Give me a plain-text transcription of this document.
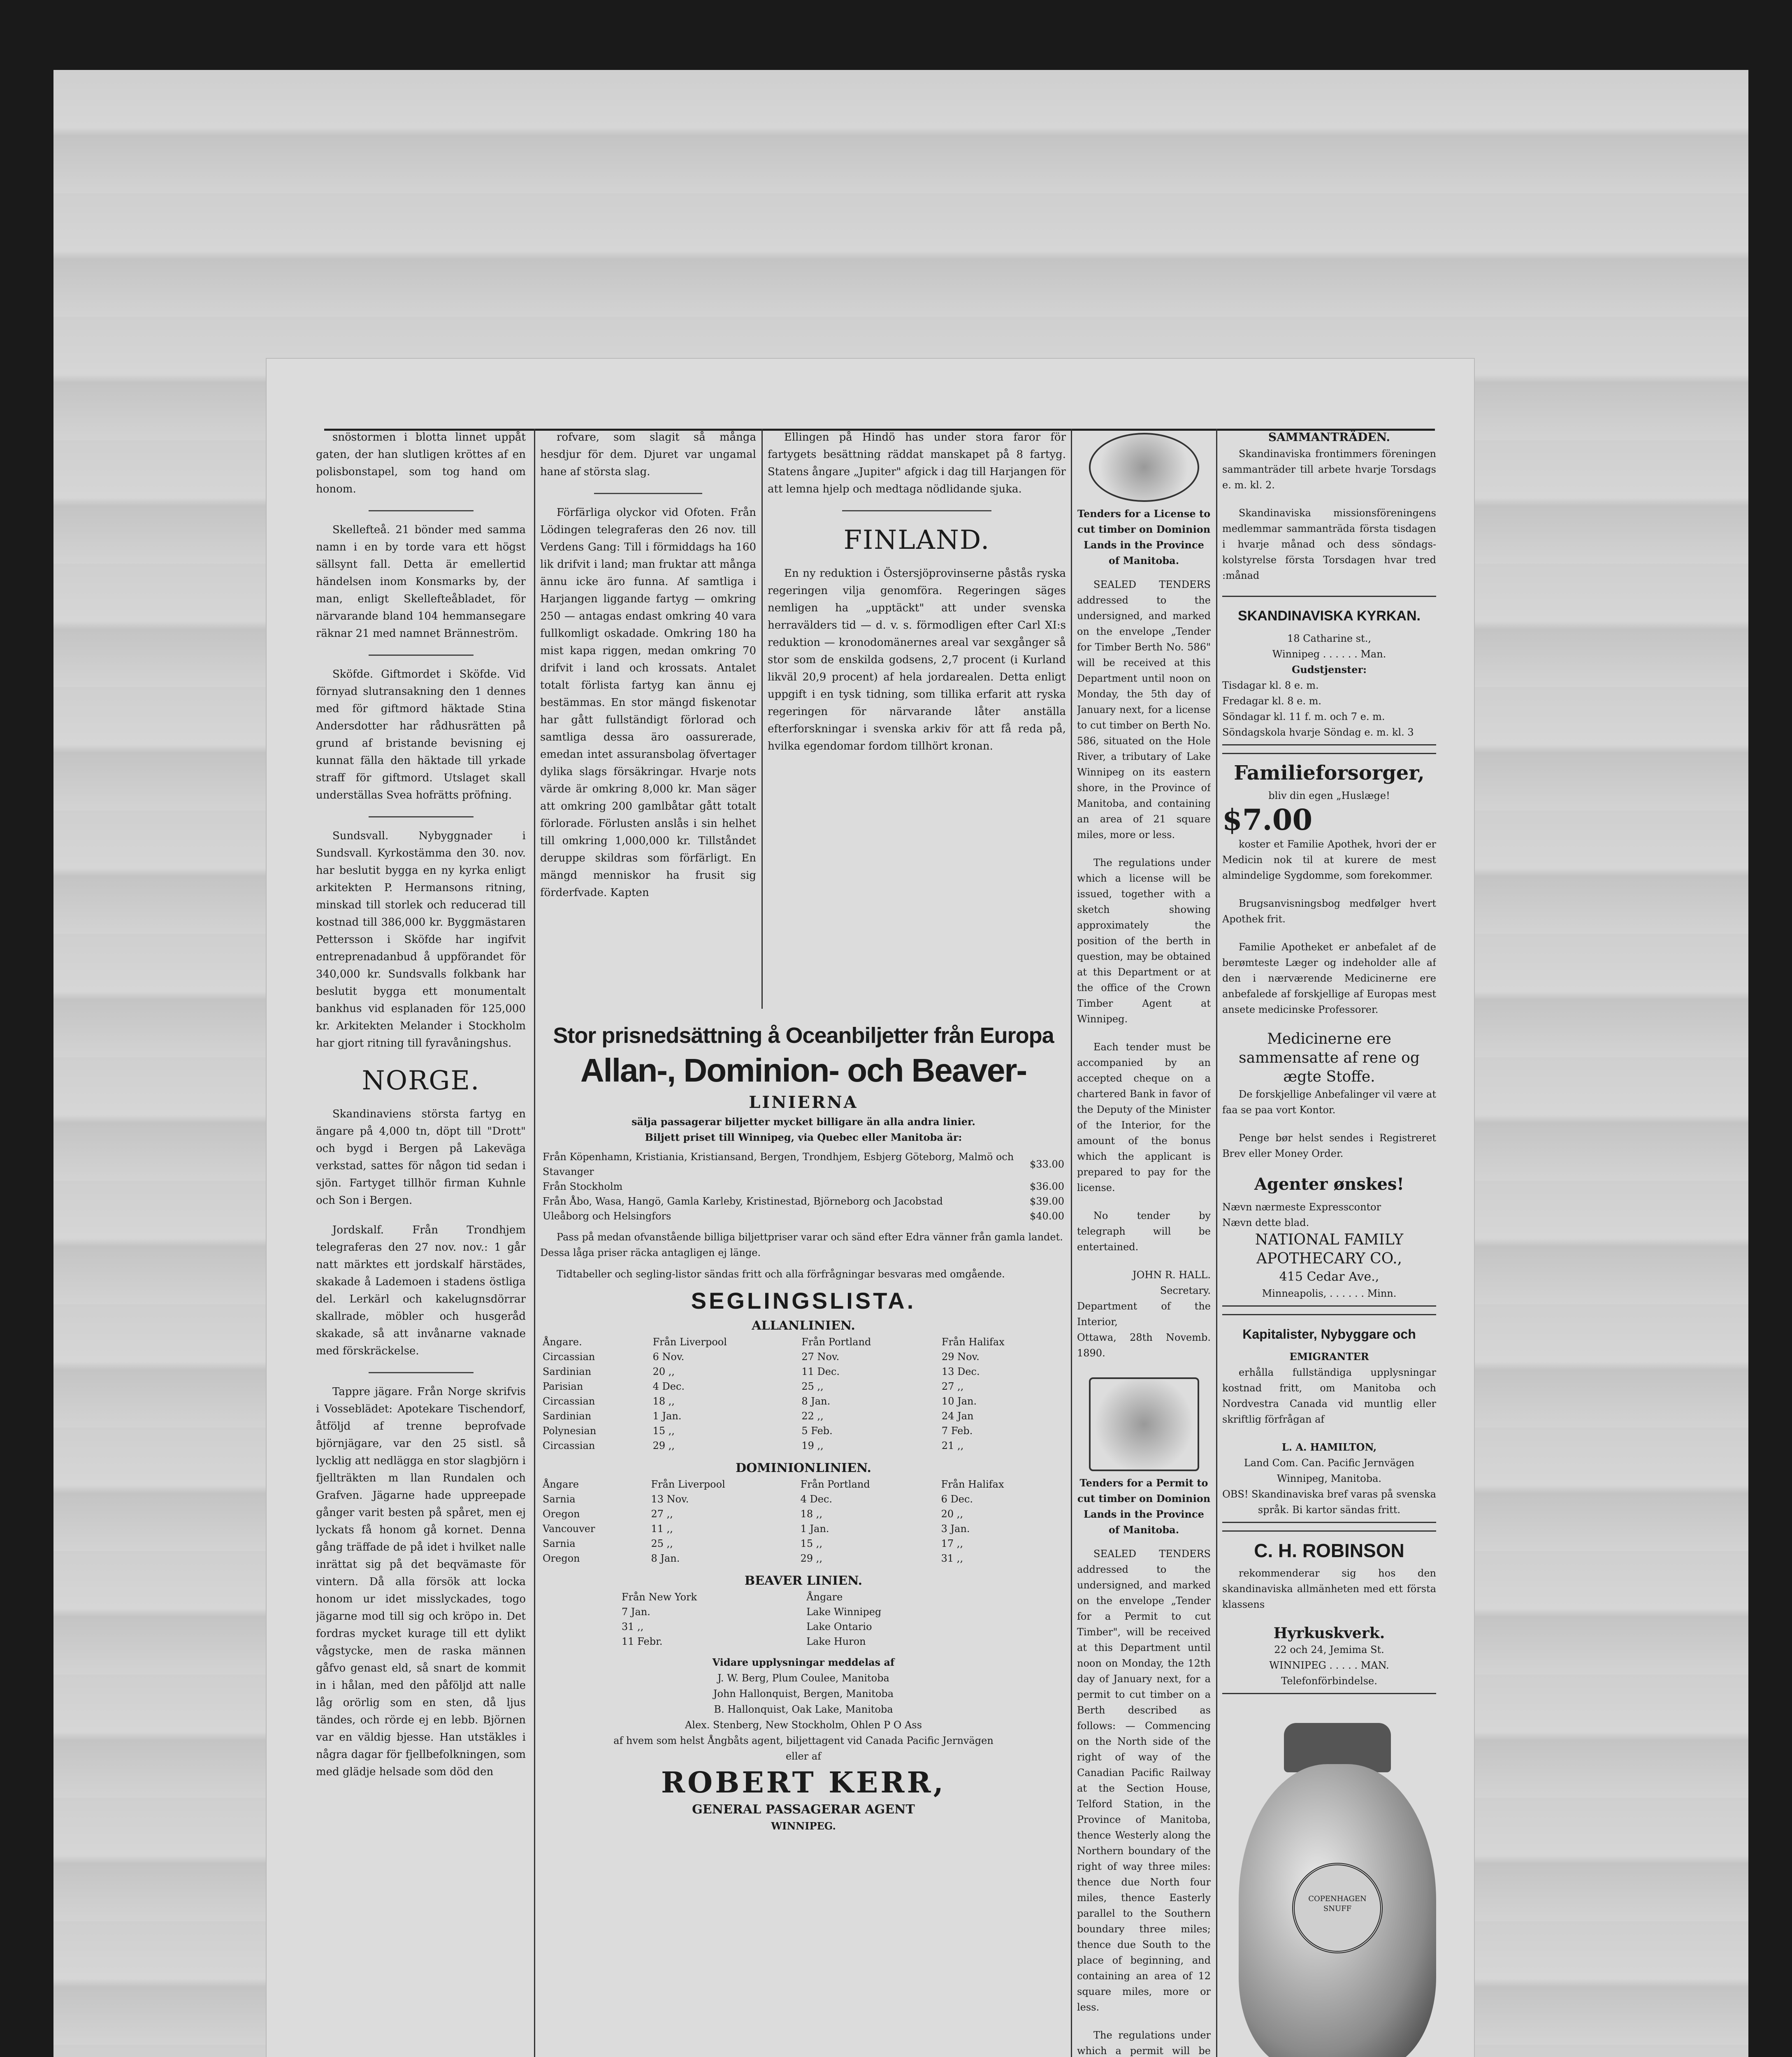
snöstormen i blotta linnet uppåt gaten, der han slutligen kröttes af en polisbonstapel, som tog hand om honom.

Skellefteå. 21 bönder med samma namn i en by torde vara ett högst sällsynt fall. Detta är emellertid händelsen inom Konsmarks by, der man, enligt Skellefteåbladet, för närvarande bland 104 hemmansegare räknar 21 med namnet Bränneström.

Sköfde. Giftmordet i Sköfde. Vid förnyad slutransakning den 1 dennes med för giftmord häktade Stina Andersdotter har rådhusrätten på grund af bristande bevisning ej kunnat fälla den häktade till yrkade straff för giftmord. Utslaget skall underställas Svea hofrätts pröfning.

Sundsvall. Nybyggnader i Sundsvall. Kyrkostämma den 30. nov. har beslutit bygga en ny kyrka enligt arkitekten P. Hermansons ritning, minskad till storlek och reducerad till kostnad till 386,000 kr. Byggmästaren Pettersson i Sköfde har ingifvit entreprenadanbud å uppförandet för 340,000 kr. Sundsvalls folkbank har beslutit bygga ett monumentalt bankhus vid esplanaden för 125,000 kr. Arkitekten Melander i Stockholm har gjort ritning till fyravåningshus.

NORGE.

Skandinaviens största fartyg en ängare på 4,000 tn, döpt till "Drott" och bygd i Bergen på Lakeväga verkstad, sattes för någon tid sedan i sjön. Fartyget tillhör firman Kuhnle och Son i Bergen.

Jordskalf. Från Trondhjem telegraferas den 27 nov. nov.: 1 går natt märktes ett jordskalf härstädes, skakade å Lademoen i stadens östliga del. Lerkärl och kakelugnsdörrar skallrade, möbler och husgeråd skakade, så att invånarne vaknade med förskräckelse.

Tappre jägare. Från Norge skrifvis i Vosseblädet: Apotekare Tischendorf, åtföljd af trenne beprofvade björnjägare, var den 25 sistl. så lycklig att nedlägga en stor slagbjörn i fjellträkten m llan Rundalen och Grafven. Jägarne hade uppreepade gånger varit besten på spåret, men ej lyckats få honom gå kornet. Denna gång träffade de på idet i hvilket nalle inrättat sig på det beqvämaste för vintern. Då alla försök att locka honom ur idet misslyckades, togo jägarne mod till sig och kröpo in. Det fordras mycket kurage till ett dylikt vågstycke, men de raska männen gåfvo genast eld, så snart de kommit in i hålan, med den påföljd att nalle låg orörlig som en sten, då ljus tändes, och rörde ej en lebb. Björnen var en väldig bjesse. Han utstäkles i några dagar för fjellbefolkningen, som med glädje helsade som död den

rofvare, som slagit så många hesdjur för dem. Djuret var ungamal hane af största slag.

Förfärliga olyckor vid Ofoten. Från Lödingen telegraferas den 26 nov. till Verdens Gang: Till i förmiddags ha 160 lik drifvit i land; man fruktar att många ännu icke äro funna. Af samtliga i Harjangen liggande fartyg — omkring 250 — antagas endast omkring 40 vara fullkomligt oskadade. Omkring 180 ha mist kapa riggen, medan omkring 70 drifvit i land och krossats. Antalet totalt förlista fartyg kan ännu ej bestämmas. En stor mängd fiskenotar har gått fullständigt förlorad och samtliga dessa äro oassurerade, emedan intet assuransbolag öfvertager dylika slags försäkringar. Hvarje nots värde är omkring 8,000 kr. Man säger att omkring 200 gamlbåtar gått totalt förlorade. Förlusten anslås i sin helhet till omkring 1,000,000 kr. Tillståndet deruppe skildras som förfärligt. En mängd menniskor ha frusit sig förderfvade. Kapten

Ellingen på Hindö has under stora faror för fartygets besättning räddat manskapet på 8 fartyg. Statens ångare „Jupiter" afgick i dag till Harjangen för att lemna hjelp och medtaga nödlidande sjuka.

FINLAND.

En ny reduktion i Östersjöprovinserne påstås ryska regeringen vilja genomföra. Regeringen säges nemligen ha „upptäckt" att under svenska herravälders tid — d. v. s. förmodligen efter Carl XI:s reduktion — kronodomänernes areal var sexgånger så stor som de enskilda godsens, 2,7 procent (i Kurland likväl 20,9 procent) af hela jordarealen. Detta enligt uppgift i en tysk tidning, som tillika erfarit att ryska regeringen för närvarande låter anställa efterforskningar i svenska arkiv för att få reda på, hvilka egendomar fordom tillhört kronan.

Stor prisnedsättning å Oceanbiljetter från Europa
Allan-, Dominion- och Beaver-
LINIERNA
sälja passagerar biljetter mycket billigare än alla andra linier.
Biljett priset till Winnipeg, via Quebec eller Manitoba är:
Från Köpenhamn, Kristiania, Kristiansand, Bergen, Trondhjem, Esbjerg Göteborg, Malmö och Stavanger	$33.00
Från Stockholm	$36.00
Från Åbo, Wasa, Hangö, Gamla Karleby, Kristinestad, Björneborg och Jacobstad	$39.00
Uleåborg och Helsingfors	$40.00

Pass på medan ofvanstående billiga biljettpriser varar och sänd efter Edra vänner från gamla landet. Dessa låga priser räcka antagligen ej länge.

Tidtabeller och segling-listor sändas fritt och alla förfrågningar besvaras med omgående.

SEGLINGSLISTA.
ALLANLINIEN.
Ångare.	Från Liverpool	Från Portland	Från Halifax
Circassian	6 Nov.	27 Nov.	29 Nov.
Sardinian	20 ,,	11 Dec.	13 Dec.
Parisian	4 Dec.	25 ,,	27 ,,
Circassian	18 ,,	8 Jan.	10 Jan.
Sardinian	1 Jan.	22 ,,	24 Jan
Polynesian	15 ,,	5 Feb.	7 Feb.
Circassian	29 ,,	19 ,,	21 ,,
DOMINIONLINIEN.
Ångare	Från Liverpool	Från Portland	Från Halifax
Sarnia	13 Nov.	4 Dec.	6 Dec.
Oregon	27 ,,	18 ,,	20 ,,
Vancouver	11 ,,	1 Jan.	3 Jan.
Sarnia	25 ,,	15 ,,	17 ,,
Oregon	8 Jan.	29 ,,	31 ,,
BEAVER LINIEN.
Från New York	Ångare
7 Jan.	Lake Winnipeg
31 ,,	Lake Ontario
11 Febr.	Lake Huron
Vidare upplysningar meddelas af
J. W. Berg, Plum Coulee, Manitoba
John Hallonquist, Bergen, Manitoba
B. Hallonquist, Oak Lake, Manitoba
Alex. Stenberg, New Stockholm, Ohlen P O Ass
af hvem som helst Ångbåts agent, biljettagent vid Canada Pacific Jernvägen
eller af
ROBERT KERR,
GENERAL PASSAGERAR AGENT
WINNIPEG.
Tenders for a License to cut timber on Dominion Lands in the Province of Manitoba.

SEALED TENDERS addressed to the undersigned, and marked on the envelope „Tender for Timber Berth No. 586" will be received at this Department until noon on Monday, the 5th day of January next, for a license to cut timber on Berth No. 586, situated on the Hole River, a tributary of Lake Winnipeg on its eastern shore, in the Province of Manitoba, and containing an area of 21 square miles, more or less.

The regulations under which a license will be issued, together with a sketch showing approximately the position of the berth in question, may be obtained at this Department or at the office of the Crown Timber Agent at Winnipeg.

Each tender must be accompanied by an accepted cheque on a chartered Bank in favor of the Deputy of the Minister of the Interior, for the amount of the bonus which the applicant is prepared to pay for the license.

No tender by telegraph will be entertained.

JOHN R. HALL.
Secretary.
Department of the Interior,
Ottawa, 28th Novemb. 1890.
Tenders for a Permit to cut timber on Dominion Lands in the Province of Manitoba.

SEALED TENDERS addressed to the undersigned, and marked on the envelope „Tender for a Permit to cut Timber", will be received at this Department until noon on Monday, the 12th day of January next, for a permit to cut timber on a Berth described as follows: — Commencing on the North side of the right of way of the Canadian Pacific Railway at the Section House, Telford Station, in the Province of Manitoba, thence Westerly along the Northern boundary of the right of way three miles: thence due North four miles, thence Easterly parallel to the Southern boundary three miles; thence due South to the place of beginning, and containing an area of 12 square miles, more or less.

The regulations under which a permit will be

SAMMANTRÄDEN.

Skandinaviska frontimmers föreningen sammanträder till arbete hvarje Torsdags e. m. kl. 2.

Skandinaviska missionsföreningens medlemmar sammanträda första tisdagen i hvarje månad och dess söndags-kolstyrelse första Torsdagen hvar tred :månad

SKANDINAVISKA KYRKAN.
18 Catharine st.,
Winnipeg . . . . . . Man.
Gudstjenster:
Tisdagar kl. 8 e. m.
Fredagar kl. 8 e. m.
Söndagar kl. 11 f. m. och 7 e. m.
Söndagskola hvarje Söndag e. m. kl. 3
Familieforsorger,
bliv din egen „Huslæge!
$7.00

koster et Familie Apothek, hvori der er Medicin nok til at kurere de mest almindelige Sygdomme, som forekommer.

Brugsanvisningsbog medfølger hvert Apothek frit.

Familie Apotheket er anbefalet af de berømteste Læger og indeholder alle af den i nærværende Medicinerne ere anbefalede af forskjellige af Europas mest ansete medicinske Professorer.

Medicinerne ere sammensatte af rene og ægte Stoffe.

De forskjellige Anbefalinger vil være at faa se paa vort Kontor.

Penge bør helst sendes i Registreret Brev eller Money Order.

Agenter ønskes!
Nævn nærmeste Expresscontor
Nævn dette blad.
NATIONAL FAMILY APOTHECARY CO.,
415 Cedar Ave.,
Minneapolis, . . . . . . Minn.
Kapitalister, Nybyggare och
EMIGRANTER

erhålla fullständiga upplysningar kostnad fritt, om Manitoba och Nordvestra Canada vid muntlig eller skriftlig förfrågan af

L. A. HAMILTON,
Land Com. Can. Pacific Jernvägen
Winnipeg, Manitoba.
OBS! Skandinaviska bref varas på svenska språk. Bi kartor sändas fritt.
C. H. ROBINSON

rekommenderar sig hos den skandinaviska allmänheten med ett första klassens

Hyrkuskverk.
22 och 24, Jemima St.
WINNIPEG . . . . . MAN.
Telefonförbindelse.
COPENHAGEN SNUFF
